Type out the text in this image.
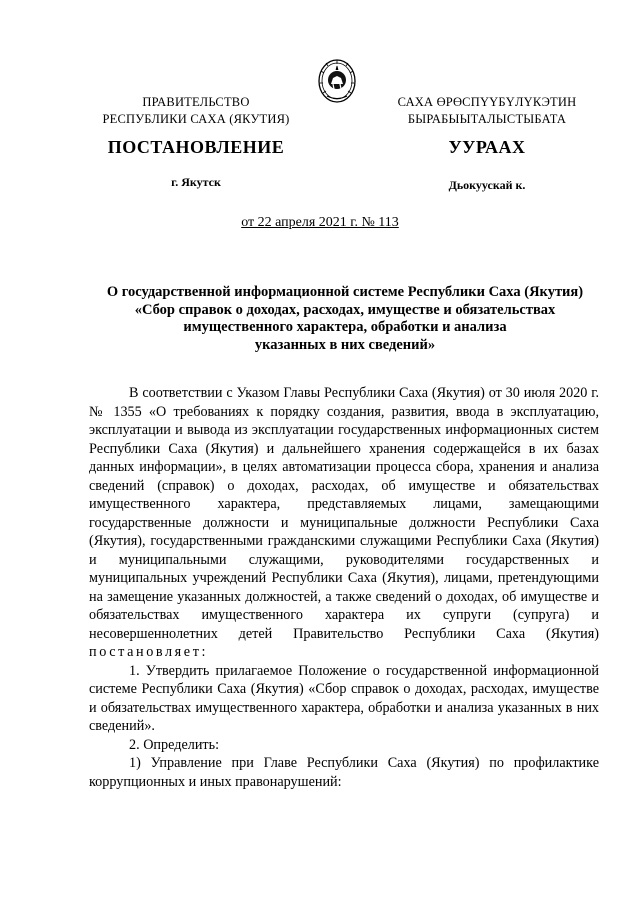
ПРАВИТЕЛЬСТВО
РЕСПУБЛИКИ САХА (ЯКУТИЯ)
САХА ӨРӨСПҮҮБҮЛҮКЭТИН
БЫРАБЫЫТАЛЫСТЫБАТА
ПОСТАНОВЛЕНИЕ	УУРААХ
г. Якутск	Дьокуускай к.
от 22 апреля 2021 г. № 113
О государственной информационной системе Республики Саха (Якутия)
«Сбор справок о доходах, расходах, имуществе и обязательствах
имущественного характера, обработки и анализа
указанных в них сведений»
В соответствии с Указом Главы Республики Саха (Якутия) от 30 июля 2020 г. № 1355 «О требованиях к порядку создания, развития, ввода в эксплуатацию, эксплуатации и вывода из эксплуатации государственных информационных систем Республики Саха (Якутия) и дальнейшего хранения содержащейся в их базах данных информации», в целях автоматизации процесса сбора, хранения и анализа сведений (справок) о доходах, расходах, об имуществе и обязательствах имущественного характера, представляемых лицами, замещающими государственные должности и муниципальные должности Республики Саха (Якутия), государственными гражданскими служащими Республики Саха (Якутия) и муниципальными служащими, руководителями государственных и муниципальных учреждений Республики Саха (Якутия), лицами, претендующими на замещение указанных должностей, а также сведений о доходах, об имуществе и обязательствах имущественного характера их супруги (супруга) и несовершеннолетних детей Правительство Республики Саха (Якутия) постановляет:
1. Утвердить прилагаемое Положение о государственной информационной системе Республики Саха (Якутия) «Сбор справок о доходах, расходах, имуществе и обязательствах имущественного характера, обработки и анализа указанных в них сведений».
2. Определить:
1) Управление при Главе Республики Саха (Якутия) по профилактике коррупционных и иных правонарушений:
